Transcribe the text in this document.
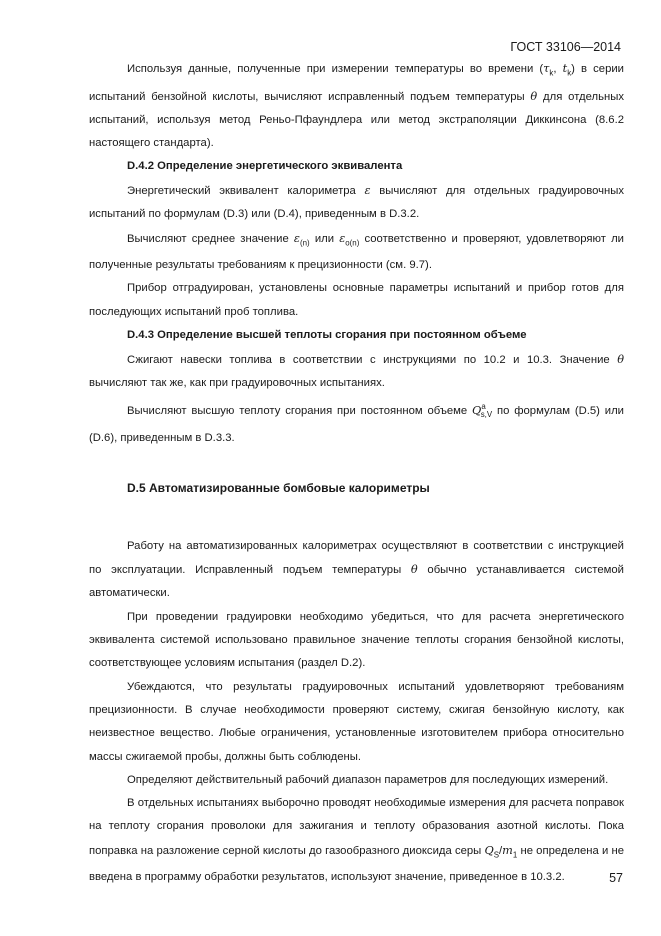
ГОСТ 33106—2014

Используя данные, полученные при измерении температуры во времени ($\tau_k$, $t_k$) в серии испытаний бензойной кислоты, вычисляют исправленный подъем температуры θ для отдельных испытаний, используя метод Реньо-Пфаундлера или метод экстраполяции Диккинсона (8.6.2 настоящего стандарта).

D.4.2 Определение энергетического эквивалента

Энергетический эквивалент калориметра ε вычисляют для отдельных градуировочных испытаний по формулам (D.3) или (D.4), приведенным в D.3.2.

Вычисляют среднее значение $\varepsilon_{(n)}$ или $\varepsilon_{o(n)}$ соответственно и проверяют, удовлетворяют ли полученные результаты требованиям к прецизионности (см. 9.7).

Прибор отградуирован, установлены основные параметры испытаний и прибор готов для последующих испытаний проб топлива.

D.4.3 Определение высшей теплоты сгорания при постоянном объеме

Сжигают навески топлива в соответствии с инструкциями по 10.2 и 10.3. Значение θ вычисляют так же, как при градуировочных испытаниях.

Вычисляют высшую теплоту сгорания при постоянном объеме $Q^a_{s,V}$ по формулам (D.5) или (D.6), приведенным в D.3.3.

D.5 Автоматизированные бомбовые калориметры

Работу на автоматизированных калориметрах осуществляют в соответствии с инструкцией по эксплуатации. Исправленный подъем температуры θ обычно устанавливается системой автоматически.

При проведении градуировки необходимо убедиться, что для расчета энергетического эквивалента системой использовано правильное значение теплоты сгорания бензойной кислоты, соответствующее условиям испытания (раздел D.2).

Убеждаются, что результаты градуировочных испытаний удовлетворяют требованиям прецизионности. В случае необходимости проверяют систему, сжигая бензойную кислоту, как неизвестное вещество. Любые ограничения, установленные изготовителем прибора относительно массы сжигаемой пробы, должны быть соблюдены.

Определяют действительный рабочий диапазон параметров для последующих измерений.

В отдельных испытаниях выборочно проводят необходимые измерения для расчета поправок на теплоту сгорания проволоки для зажигания и теплоту образования азотной кислоты. Пока поправка на разложение серной кислоты до газообразного диоксида серы $Q_S/m_1$ не определена и не введена в программу обработки результатов, используют значение, приведенное в 10.3.2.	57
